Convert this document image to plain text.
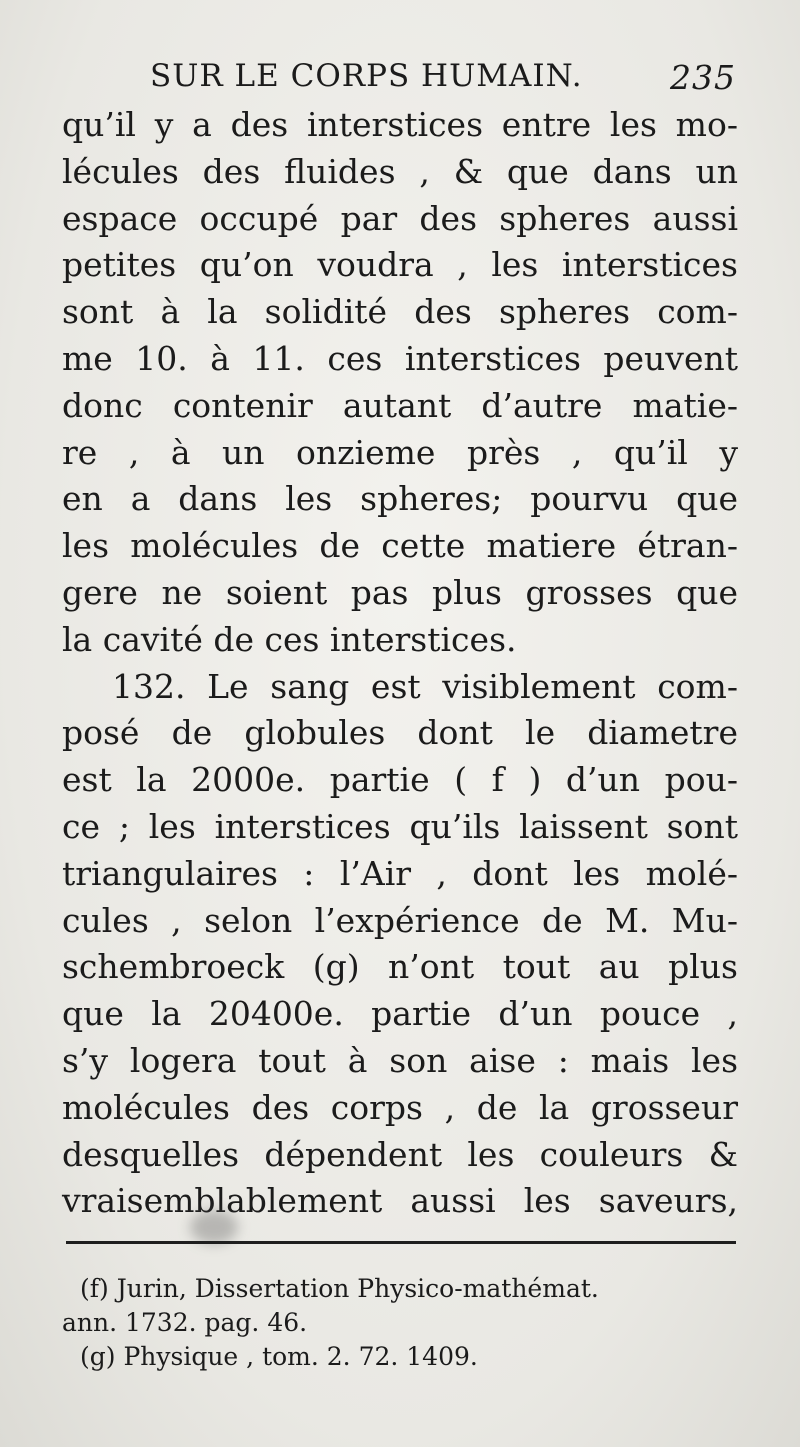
SUR LE CORPS HUMAIN.	235
qu’il y a des interstices entre les mo-
lécules des fluides , & que dans un
espace occupé par des spheres aussi
petites qu’on voudra , les interstices
sont à la solidité des spheres com-
me 10. à 11. ces interstices peuvent
donc contenir autant d’autre matie-
re , à un onzieme près , qu’il y
en a dans les spheres; pourvu que
les molécules de cette matiere étran-
gere ne soient pas plus grosses que
la cavité de ces interstices.
132. Le sang est visiblement com-
posé de globules dont le diametre
est la 2000e. partie ( f ) d’un pou-
ce ; les interstices qu’ils laissent sont
triangulaires : l’Air , dont les molé-
cules , selon l’expérience de M. Mu-
schembroeck (g) n’ont tout au plus
que la 20400e. partie d’un pouce ,
s’y logera tout à son aise : mais les
molécules des corps , de la grosseur
desquelles dépendent les couleurs &
vraisemblablement aussi les saveurs,
(f) Jurin, Dissertation Physico-mathémat.
ann. 1732. pag. 46.
(g) Physique , tom. 2. 72. 1409.
